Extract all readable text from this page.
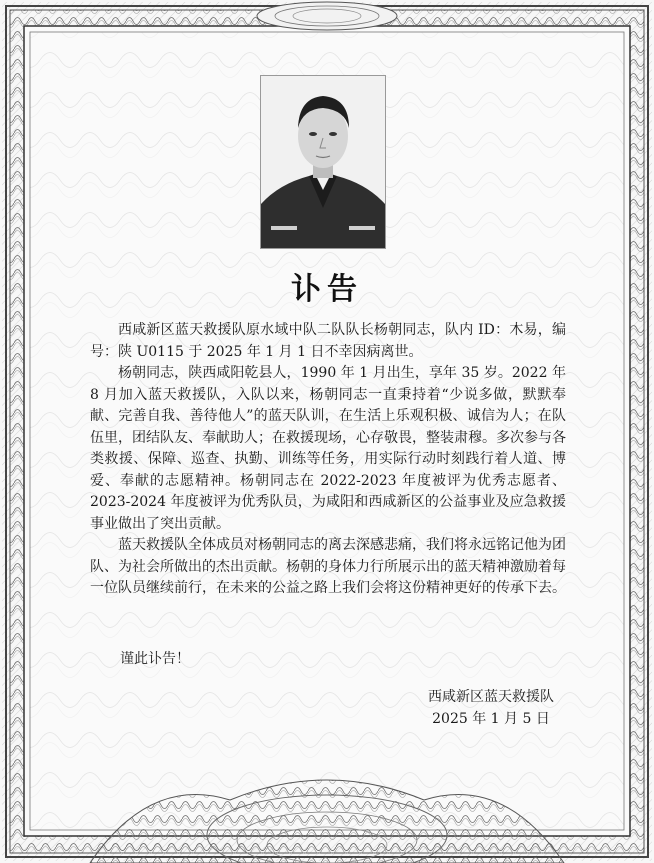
讣告

西咸新区蓝天救援队原水域中队二队队长杨朝同志，队内 ID：木易，编号：陕 U0115 于 2025 年 1 月 1 日不幸因病离世。

杨朝同志，陕西咸阳乾县人，1990 年 1 月出生，享年 35 岁。2022 年 8 月加入蓝天救援队，入队以来，杨朝同志一直秉持着“少说多做，默默奉献、完善自我、善待他人”的蓝天队训，在生活上乐观积极、诚信为人；在队伍里，团结队友、奉献助人；在救援现场，心存敬畏，整装肃穆。多次参与各类救援、保障、巡查、执勤、训练等任务，用实际行动时刻践行着人道、博爱、奉献的志愿精神。杨朝同志在 2022-2023 年度被评为优秀志愿者、2023-2024 年度被评为优秀队员，为咸阳和西咸新区的公益事业及应急救援事业做出了突出贡献。

蓝天救援队全体成员对杨朝同志的离去深感悲痛，我们将永远铭记他为团队、为社会所做出的杰出贡献。杨朝的身体力行所展示出的蓝天精神激励着每一位队员继续前行，在未来的公益之路上我们会将这份精神更好的传承下去。

谨此讣告！
西咸新区蓝天救援队
2025 年 1 月 5 日
